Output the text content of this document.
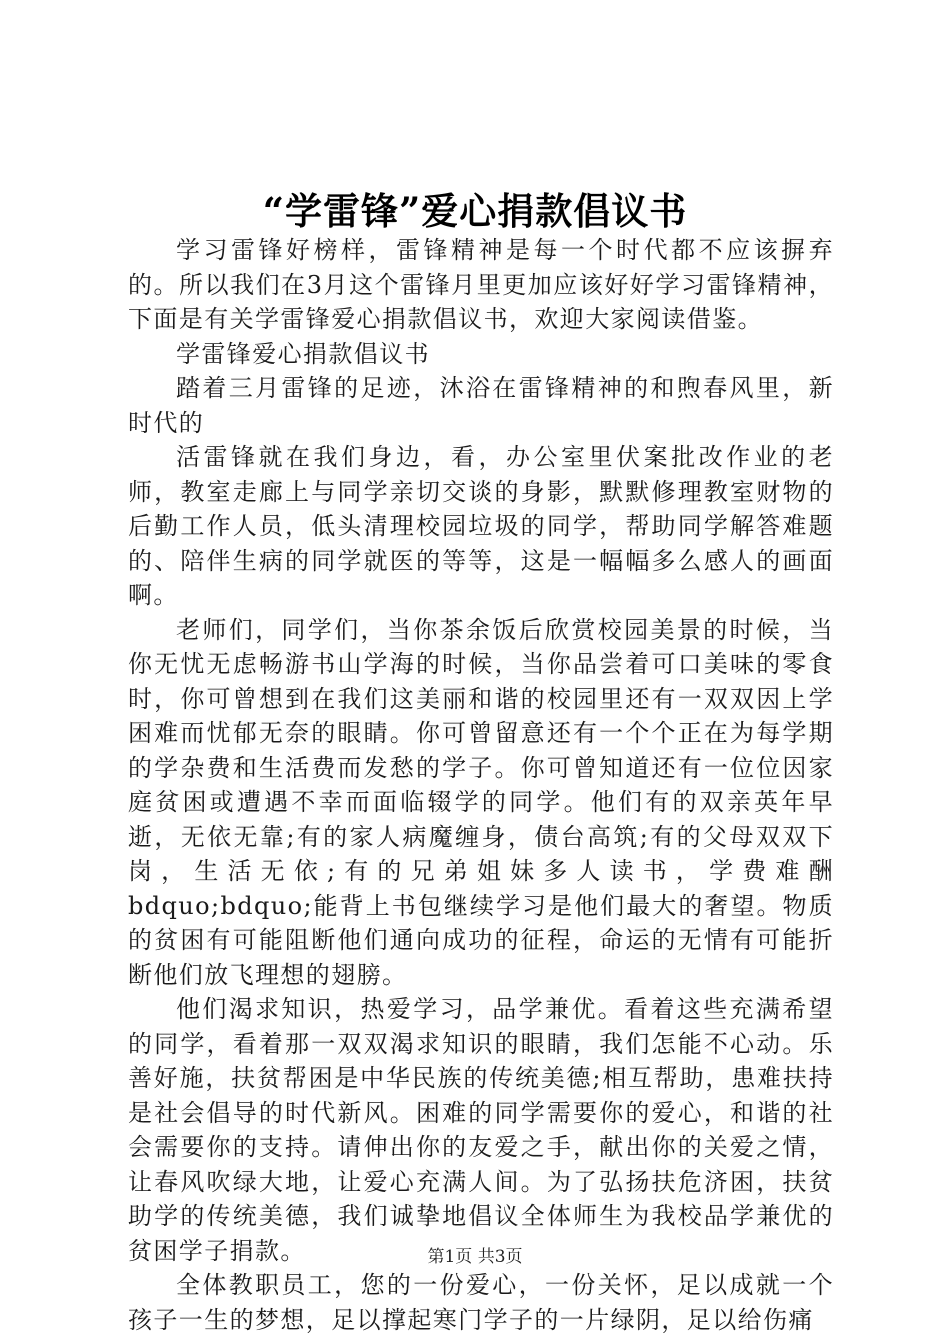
“学雷锋”爱心捐款倡议书

学习雷锋好榜样，雷锋精神是每一个时代都不应该摒弃的。所以我们在3月这个雷锋月里更加应该好好学习雷锋精神，下面是有关学雷锋爱心捐款倡议书，欢迎大家阅读借鉴。

学雷锋爱心捐款倡议书

踏着三月雷锋的足迹，沐浴在雷锋精神的和煦春风里，新时代的

活雷锋就在我们身边，看，办公室里伏案批改作业的老师，教室走廊上与同学亲切交谈的身影，默默修理教室财物的后勤工作人员，低头清理校园垃圾的同学，帮助同学解答难题的、陪伴生病的同学就医的等等，这是一幅幅多么感人的画面啊。

老师们，同学们，当你茶余饭后欣赏校园美景的时候，当你无忧无虑畅游书山学海的时候，当你品尝着可口美味的零食时，你可曾想到在我们这美丽和谐的校园里还有一双双因上学困难而忧郁无奈的眼睛。你可曾留意还有一个个正在为每学期的学杂费和生活费而发愁的学子。你可曾知道还有一位位因家庭贫困或遭遇不幸而面临辍学的同学。他们有的双亲英年早逝，无依无靠;有的家人病魔缠身，债台高筑;有的父母双双下岗，生活无依;有的兄弟姐妹多人读书，学费难酬bdquo;bdquo;能背上书包继续学习是他们最大的奢望。物质的贫困有可能阻断他们通向成功的征程，命运的无情有可能折断他们放飞理想的翅膀。

他们渴求知识，热爱学习，品学兼优。看着这些充满希望的同学，看着那一双双渴求知识的眼睛，我们怎能不心动。乐善好施，扶贫帮困是中华民族的传统美德;相互帮助，患难扶持是社会倡导的时代新风。困难的同学需要你的爱心，和谐的社会需要你的支持。请伸出你的友爱之手，献出你的关爱之情，让春风吹绿大地，让爱心充满人间。为了弘扬扶危济困，扶贫助学的传统美德，我们诚挚地倡议全体师生为我校品学兼优的贫困学子捐款。

全体教职员工，您的一份爱心，一份关怀，足以成就一个孩子一生的梦想，足以撑起寒门学子的一片绿阴，足以给伤痛

第1页 共3页
